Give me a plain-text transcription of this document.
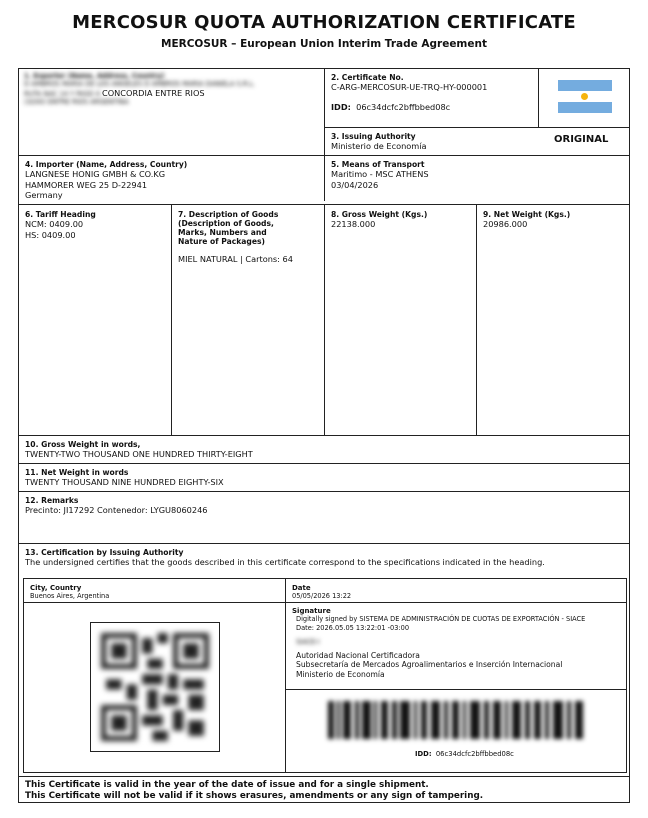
MERCOSUR QUOTA AUTHORIZATION CERTIFICATE
MERCOSUR – European Union Interim Trade Agreement
1. Exporter (Name, Address, Country)
D AMBROS MARIA DE LOS ANGELES D AMBROS MARIA DANIELA S.R.L.
RUTA NAC 14 Y PASO 4 CONCORDIA ENTRE RIOS
(3200) ENTRE RIOS ARGENTINA
2. Certificate No.
C-ARG-MERCOSUR-UE-TRQ-HY-000001
IDD: 06c34dcfc2bffbbed08c
3. Issuing Authority
Ministerio de Economía
ORIGINAL
4. Importer (Name, Address, Country)
LANGNESE HONIG GMBH & CO.KG
HAMMORER WEG 25 D-22941
Germany
5. Means of Transport
Maritimo - MSC ATHENS
03/04/2026
6. Tariff Heading
NCM: 0409.00
HS: 0409.00
7. Description of Goods
(Description of Goods,
Marks, Numbers and
Nature of Packages)
MIEL NATURAL | Cartons: 64
8. Gross Weight (Kgs.)
22138.000
9. Net Weight (Kgs.)
20986.000
10. Gross Weight in words,
TWENTY-TWO THOUSAND ONE HUNDRED THIRTY-EIGHT
11. Net Weight in words
TWENTY THOUSAND NINE HUNDRED EIGHTY-SIX
12. Remarks
Precinto: JI17292 Contenedor: LYGU8060246
13. Certification by Issuing Authority
The undersigned certifies that the goods described in this certificate correspond to the specifications indicated in the heading.
City, Country
Buenos Aires, Argentina
Date
05/05/2026 13:22
Signature
Digitally signed by SISTEMA DE ADMINISTRACIÓN DE CUOTAS DE EXPORTACIÓN - SIACE
Date: 2026.05.05 13:22:01 -03:00
SIACE-I
Autoridad Nacional Certificadora
Subsecretaría de Mercados Agroalimentarios e Inserción Internacional
Ministerio de Economía
IDD: 06c34dcfc2bffbbed08c
This Certificate is valid in the year of the date of issue and for a single shipment.
This Certificate will not be valid if it shows erasures, amendments or any sign of tampering.
